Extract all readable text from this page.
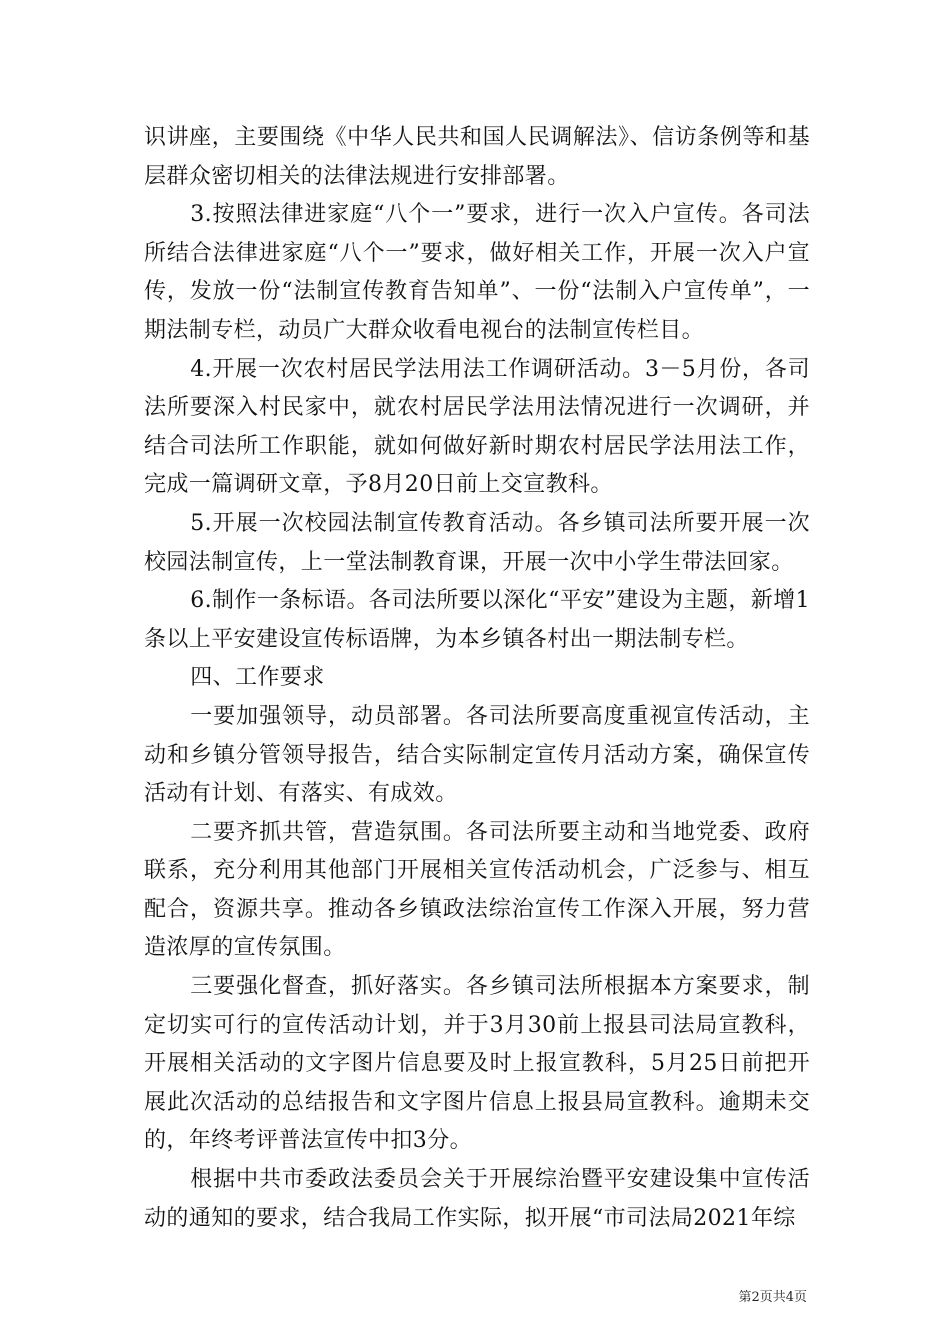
识讲座，主要围绕《中华人民共和国人民调解法》、信访条例等和基层群众密切相关的法律法规进行安排部署。

3.按照法律进家庭“八个一”要求，进行一次入户宣传。各司法所结合法律进家庭“八个一”要求，做好相关工作，开展一次入户宣传，发放一份“法制宣传教育告知单”、一份“法制入户宣传单”，一期法制专栏，动员广大群众收看电视台的法制宣传栏目。

4.开展一次农村居民学法用法工作调研活动。3－5月份，各司法所要深入村民家中，就农村居民学法用法情况进行一次调研，并结合司法所工作职能，就如何做好新时期农村居民学法用法工作，完成一篇调研文章，予8月20日前上交宣教科。

5.开展一次校园法制宣传教育活动。各乡镇司法所要开展一次校园法制宣传，上一堂法制教育课，开展一次中小学生带法回家。

6.制作一条标语。各司法所要以深化“平安”建设为主题，新增1条以上平安建设宣传标语牌，为本乡镇各村出一期法制专栏。

四、工作要求

一要加强领导，动员部署。各司法所要高度重视宣传活动，主动和乡镇分管领导报告，结合实际制定宣传月活动方案，确保宣传活动有计划、有落实、有成效。

二要齐抓共管，营造氛围。各司法所要主动和当地党委、政府联系，充分利用其他部门开展相关宣传活动机会，广泛参与、相互配合，资源共享。推动各乡镇政法综治宣传工作深入开展，努力营造浓厚的宣传氛围。

三要强化督查，抓好落实。各乡镇司法所根据本方案要求，制定切实可行的宣传活动计划，并于3月30前上报县司法局宣教科，开展相关活动的文字图片信息要及时上报宣教科，5月25日前把开展此次活动的总结报告和文字图片信息上报县局宣教科。逾期未交的，年终考评普法宣传中扣3分。

根据中共市委政法委员会关于开展综治暨平安建设集中宣传活动的通知的要求，结合我局工作实际，拟开展“市司法局2021年综

第2页共4页
